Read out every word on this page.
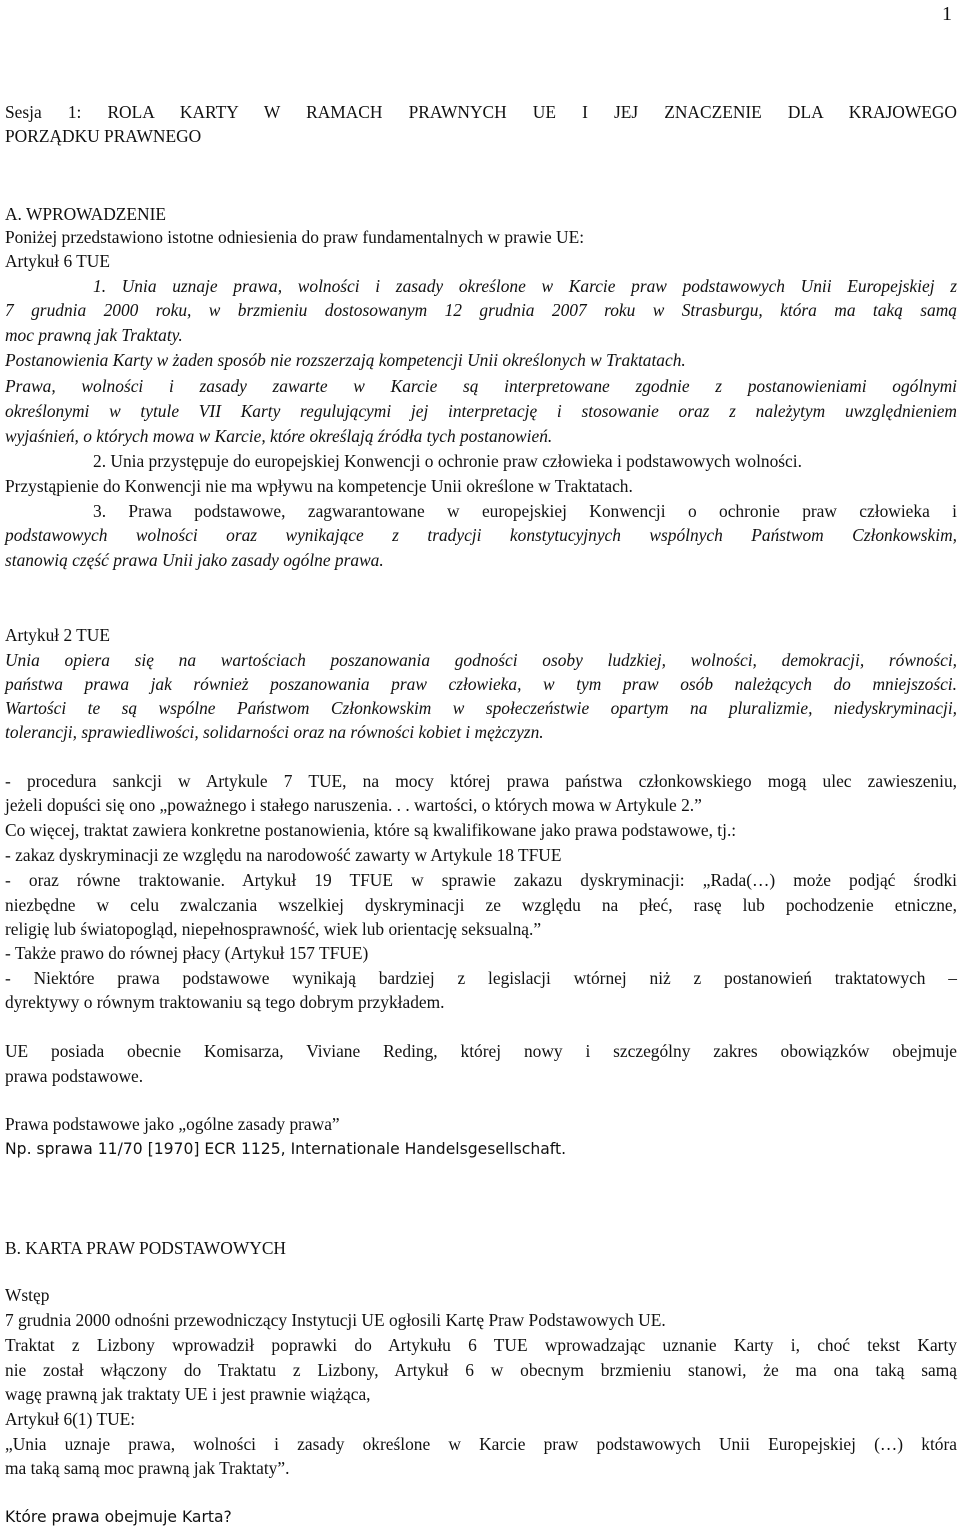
1
Sesja 1: ROLA KARTY W RAMACH PRAWNYCH UE I JEJ ZNACZENIE DLA KRAJOWEGO
PORZĄDKU PRAWNEGO
A. WPROWADZENIE
Poniżej przedstawiono istotne odniesienia do praw fundamentalnych w prawie UE:
Artykuł 6 TUE
1. Unia uznaje prawa, wolności i zasady określone w Karcie praw podstawowych Unii Europejskiej z
7 grudnia 2000 roku, w brzmieniu dostosowanym 12 grudnia 2007 roku w Strasburgu, która ma taką samą
moc prawną jak Traktaty.
Postanowienia Karty w żaden sposób nie rozszerzają kompetencji Unii określonych w Traktatach.
Prawa, wolności i zasady zawarte w Karcie są interpretowane zgodnie z postanowieniami ogólnymi
określonymi w tytule VII Karty regulującymi jej interpretację i stosowanie oraz z należytym uwzględnieniem
wyjaśnień, o których mowa w Karcie, które określają źródła tych postanowień.
2. Unia przystępuje do europejskiej Konwencji o ochronie praw człowieka i podstawowych wolności.
Przystąpienie do Konwencji nie ma wpływu na kompetencje Unii określone w Traktatach.
3. Prawa podstawowe, zagwarantowane w europejskiej Konwencji o ochronie praw człowieka i
podstawowych wolności oraz wynikające z tradycji konstytucyjnych wspólnych Państwom Członkowskim,
stanowią część prawa Unii jako zasady ogólne prawa.
Artykuł 2 TUE
Unia opiera się na wartościach poszanowania godności osoby ludzkiej, wolności, demokracji, równości,
państwa prawa jak również poszanowania praw człowieka, w tym praw osób należących do mniejszości.
Wartości te są wspólne Państwom Członkowskim w społeczeństwie opartym na pluralizmie, niedyskryminacji,
tolerancji, sprawiedliwości, solidarności oraz na równości kobiet i mężczyzn.
- procedura sankcji w Artykule 7 TUE, na mocy której prawa państwa członkowskiego mogą ulec zawieszeniu,
jeżeli dopuści się ono „poważnego i stałego naruszenia. . . wartości, o których mowa w Artykule 2.”
Co więcej, traktat zawiera konkretne postanowienia, które są kwalifikowane jako prawa podstawowe, tj.:
- zakaz dyskryminacji ze względu na narodowość zawarty w Artykule 18 TFUE
- oraz równe traktowanie. Artykuł 19 TFUE w sprawie zakazu dyskryminacji: „Rada(…) może podjąć środki
niezbędne w celu zwalczania wszelkiej dyskryminacji ze względu na płeć, rasę lub pochodzenie etniczne,
religię lub światopogląd, niepełnosprawność, wiek lub orientację seksualną.”
- Także prawo do równej płacy (Artykuł 157 TFUE)
- Niektóre prawa podstawowe wynikają bardziej z legislacji wtórnej niż z postanowień traktatowych –
dyrektywy o równym traktowaniu są tego dobrym przykładem.
UE posiada obecnie Komisarza, Viviane Reding, której nowy i szczególny zakres obowiązków obejmuje
prawa podstawowe.
Prawa podstawowe jako „ogólne zasady prawa”
Np. sprawa 11/70 [1970] ECR 1125, Internationale Handelsgesellschaft.
B. KARTA PRAW PODSTAWOWYCH
Wstęp
7 grudnia 2000 odnośni przewodniczący Instytucji UE ogłosili Kartę Praw Podstawowych UE.
Traktat z Lizbony wprowadził poprawki do Artykułu 6 TUE wprowadzając uznanie Karty i, choć tekst Karty
nie został włączony do Traktatu z Lizbony, Artykuł 6 w obecnym brzmieniu stanowi, że ma ona taką samą
wagę prawną jak traktaty UE i jest prawnie wiążąca,
Artykuł 6(1) TUE:
„Unia uznaje prawa, wolności i zasady określone w Karcie praw podstawowych Unii Europejskiej (…) która
ma taką samą moc prawną jak Traktaty”.
Które prawa obejmuje Karta?
